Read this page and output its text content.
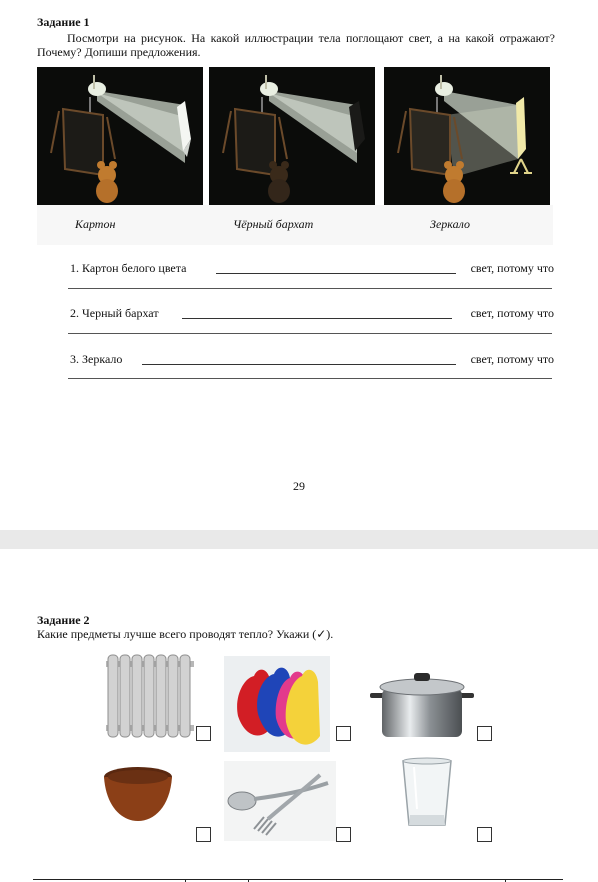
Задание 1
Посмотри на рисунок. На какой иллюстрации тела поглощают свет, а на какой отражают? Почему? Допиши предложения.
Картон	Чёрный бархат	Зеркало
1. Картон белого цвета	свет, потому что
2. Черный бархат	свет, потому что
3. Зеркало	свет, потому что
29
Задание 2
Какие предметы лучше всего проводят тепло? Укажи (✓).
